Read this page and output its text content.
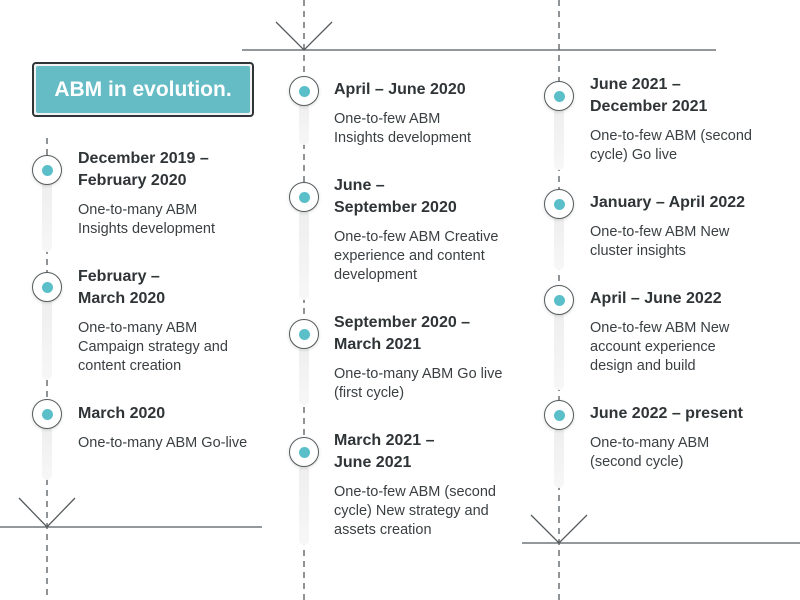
ABM in evolution.
December 2019 –
February 2020
One-to-many ABM
Insights development
February –
March 2020
One-to-many ABM
Campaign strategy and
content creation
March 2020
One-to-many ABM Go-live
April – June 2020
One-to-few ABM
Insights development
June –
September 2020
One-to-few ABM Creative
experience and content
development
September 2020 –
March 2021
One-to-many ABM Go live
(first cycle)
March 2021 –
June 2021
One-to-few ABM (second
cycle) New strategy and
assets creation
June 2021 –
December 2021
One-to-few ABM (second
cycle) Go live
January – April 2022
One-to-few ABM New
cluster insights
April – June 2022
One-to-few ABM New
account experience
design and build
June 2022 – present
One-to-many ABM
(second cycle)
